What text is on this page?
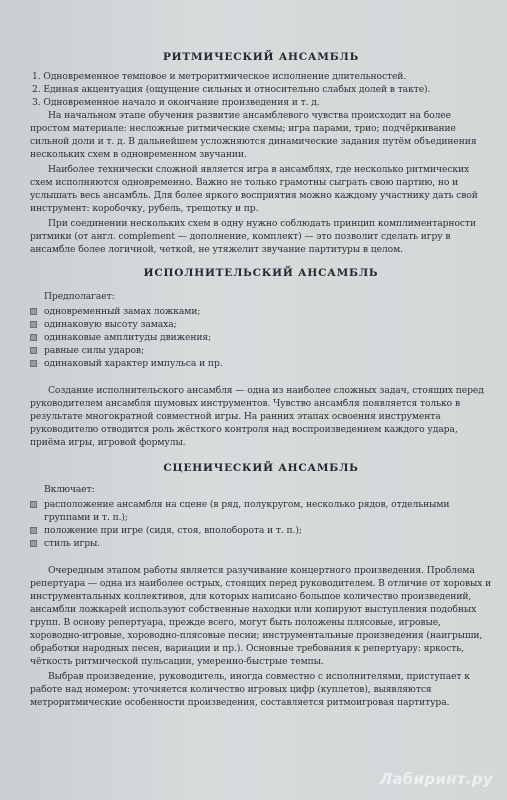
РИТМИЧЕСКИЙ АНСАМБЛЬ
1. Одновременное темповое и метроритмическое исполнение длительностей.
2. Единая акцентуация (ощущение сильных и относительно слабых долей в такте).
3. Одновременное начало и окончание произведения и т. д.

На начальном этапе обучения развитие ансамблевого чувства происходит на более простом материале: несложные ритмические схемы; игра парами, трио; подчёркивание сильной доли и т. д. В дальнейшем усложняются динамические задания путём объединения нескольких схем в одновременном звучании.

Наиболее технически сложной является игра в ансамблях, где несколько ритмических схем исполняются одновременно. Важно не только грамотны сыграть свою партию, но и услышать весь ансамбль. Для более яркого восприятия можно каждому участнику дать свой инструмент: коробочку, рубель, трещотку и пр.

При соединении нескольких схем в одну нужно соблюдать принцип комплиментарности ритмики (от англ. complement — дополнение, комплект) — это позволит сделать игру в ансамбле более логичной, четкой, не утяжелит звучание партитуры в целом.

ИСПОЛНИТЕЛЬСКИЙ АНСАМБЛЬ

Предполагает:

одновременный замах ложками;
одинаковую высоту замаха;
одинаковые амплитуды движения;
равные силы ударов;
одинаковый характер импульса и пр.

Создание исполнительского ансамбля — одна из наиболее сложных задач, стоящих перед руководителем ансамбля шумовых инструментов. Чувство ансамбля появляется только в результате многократной совместной игры. На ранних этапах освоения инструмента руководителю отводится роль жёсткого контроля над воспроизведением каждого удара, приёма игры, игровой формулы.

СЦЕНИЧЕСКИЙ АНСАМБЛЬ

Включает:

расположение ансамбля на сцене (в ряд, полукругом, несколько рядов, отдельными группами и т. п.);
положение при игре (сидя, стоя, вполоборота и т. п.);
стиль игры.

Очередным этапом работы является разучивание концертного произведения. Проблема репертуара — одна из наиболее острых, стоящих перед руководителем. В отличие от хоровых и инструментальных коллективов, для которых написано большое количество произведений, ансамбли ложкарей используют собственные находки или копируют выступления подобных групп. В основу репертуара, прежде всего, могут быть положены плясовые, игровые, хороводно-игровые, хороводно-плясовые песни; инструментальные произведения (наигрыши, обработки народных песен, вариации и пр.). Основные требования к репертуару: яркость, чёткость ритмической пульсации, умеренно-быстрые темпы.

Выбрав произведение, руководитель, иногда совместно с исполнителями, приступает к работе над номером: уточняется количество игровых цифр (куплетов), выявляются метроритмические особенности произведения, составляется ритмоигровая партитура.

Лабиринт.ру
